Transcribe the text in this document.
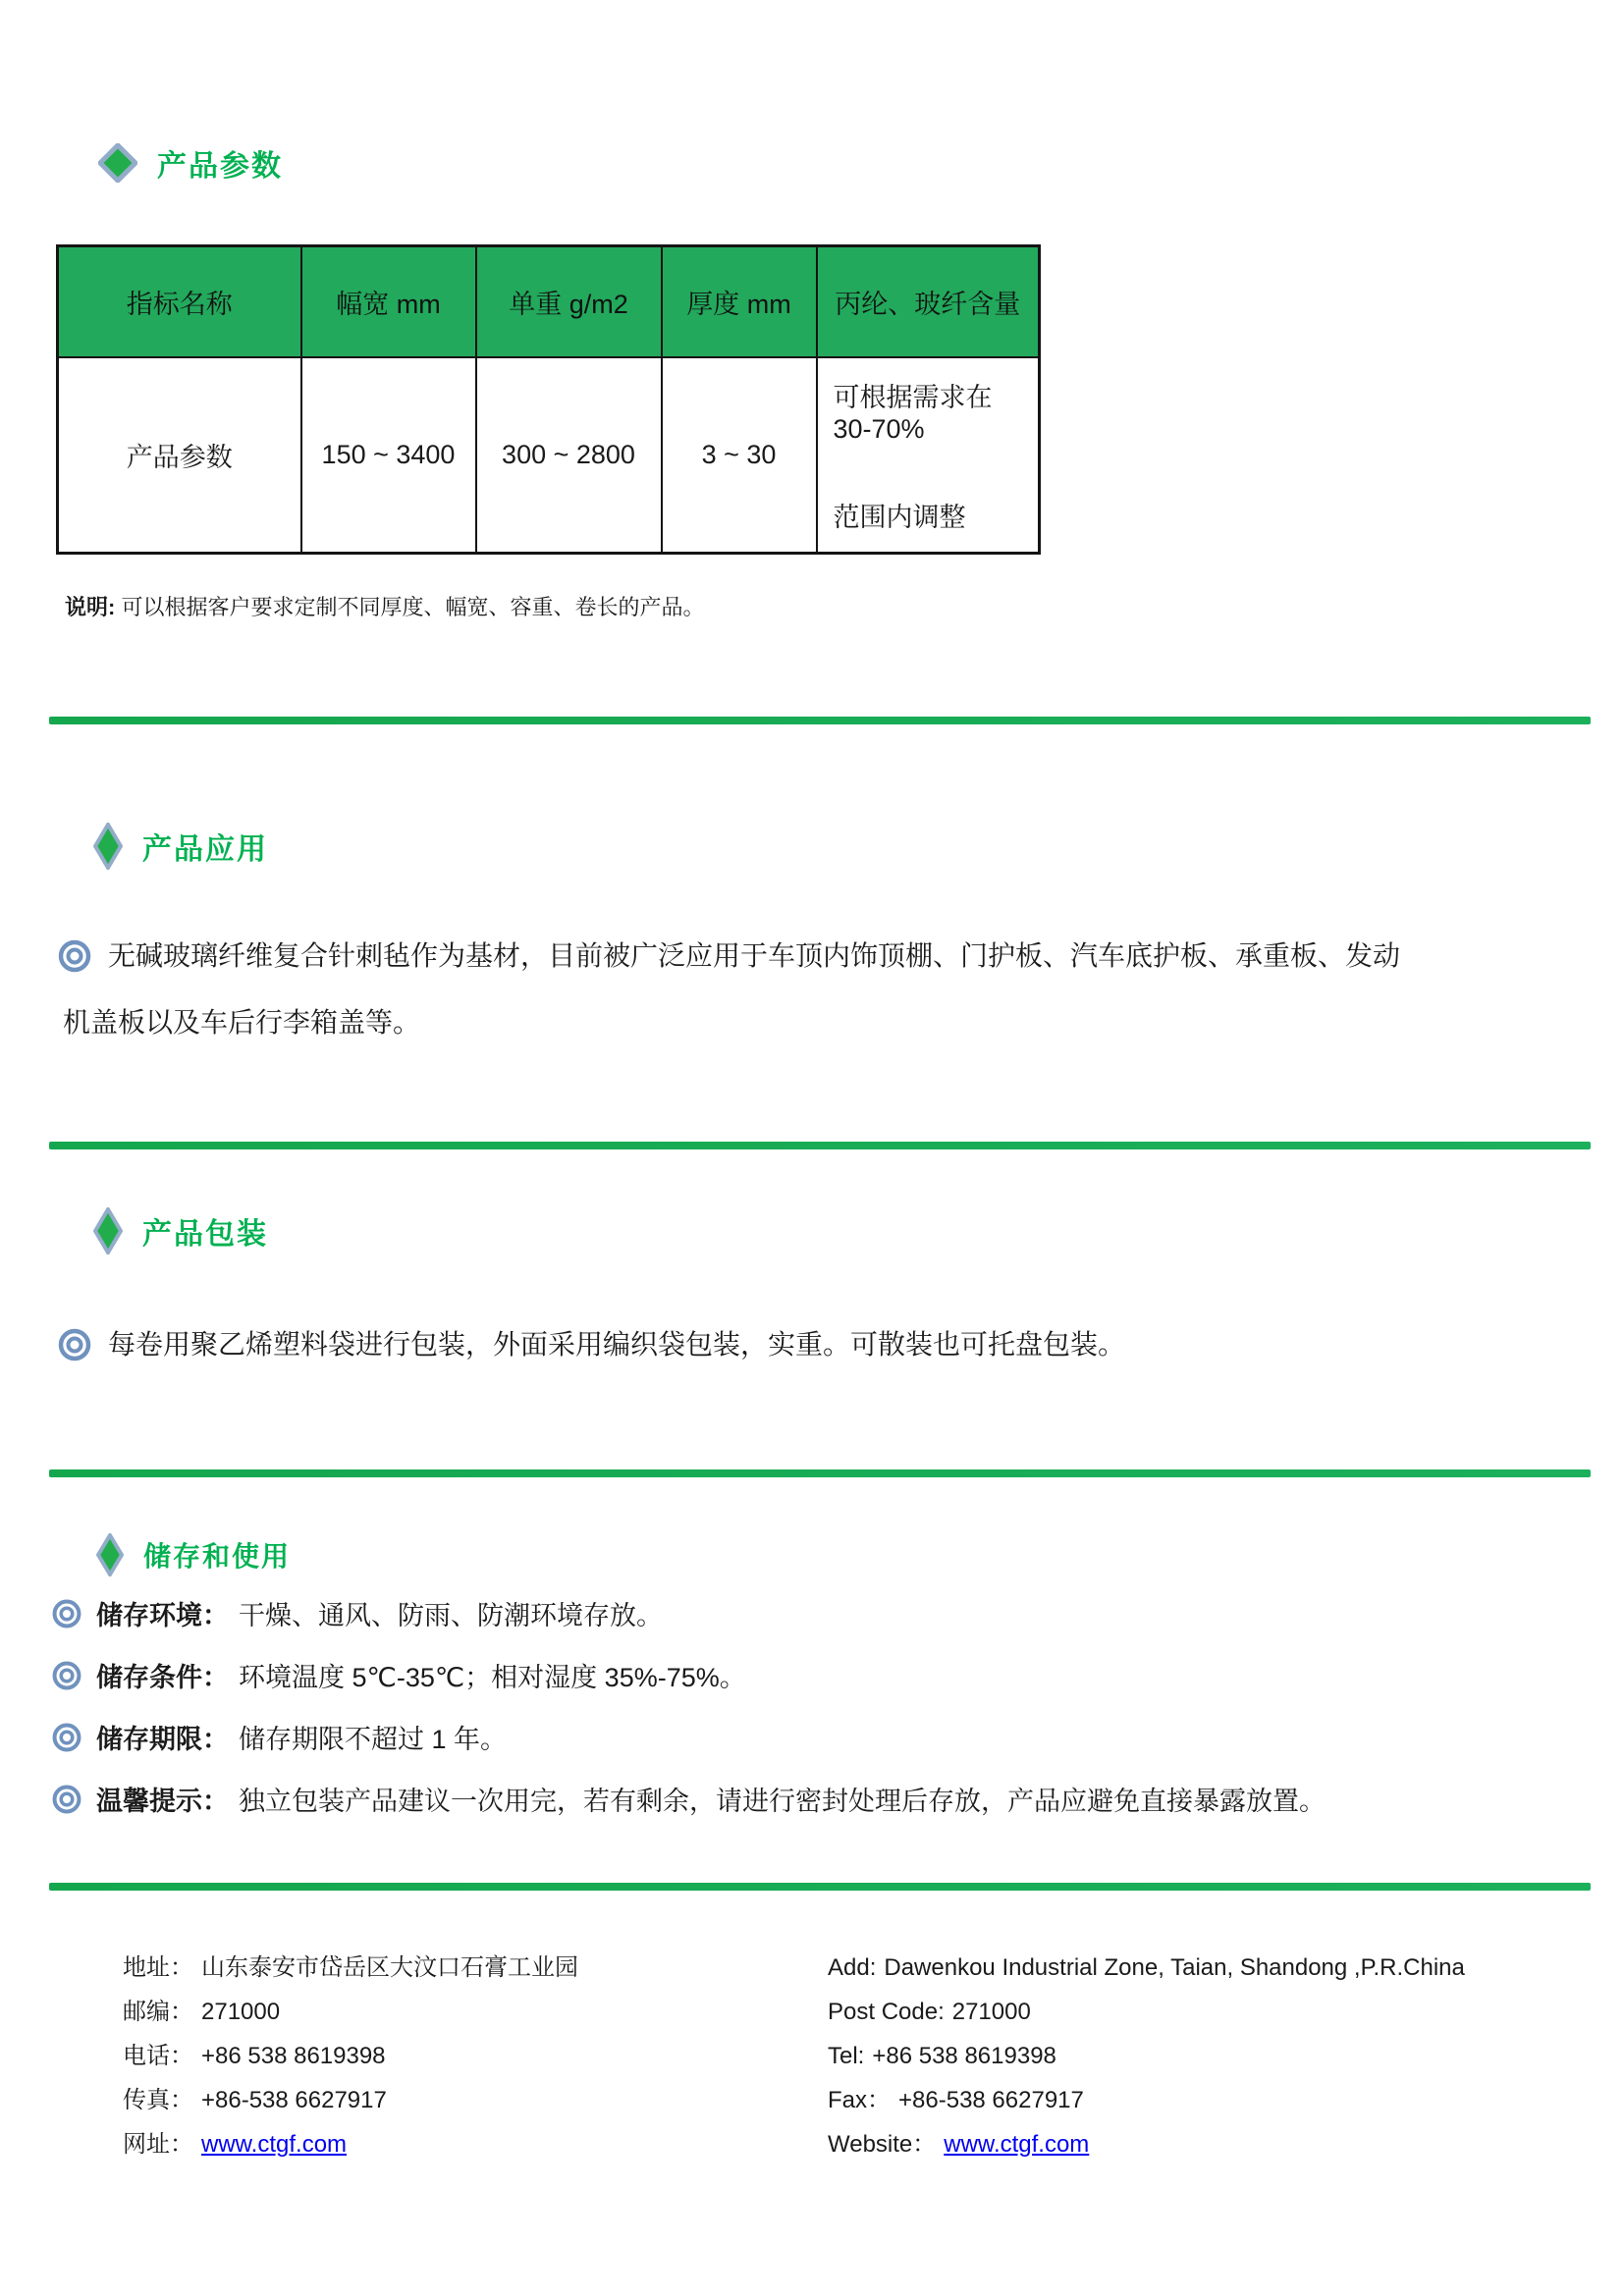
产品参数
指标名称	幅宽 mm	单重 g/m2	厚度 mm	丙纶、玻纤含量
产品参数	150 ~ 3400	300 ~ 2800	3 ~ 30	可根据需求在 30-70%
范围内调整
说明: 可以根据客户要求定制不同厚度、幅宽、容重、卷长的产品。
产品应用
无碱玻璃纤维复合针刺毡作为基材，目前被广泛应用于车顶内饰顶棚、门护板、汽车底护板、承重板、发动
机盖板以及车后行李箱盖等。
产品包装
每卷用聚乙烯塑料袋进行包装，外面采用编织袋包装，实重。可散装也可托盘包装。
储存和使用
储存环境： 干燥、通风、防雨、防潮环境存放。
储存条件： 环境温度 5℃-35℃；相对湿度 35%-75%。
储存期限： 储存期限不超过 1 年。
温馨提示： 独立包装产品建议一次用完，若有剩余，请进行密封处理后存放，产品应避免直接暴露放置。
地址： 山东泰安市岱岳区大汶口石膏工业园
邮编： 271000
电话： +86 538 8619398
传真： +86-538 6627917
网址： www.ctgf.com
Add: Dawenkou Industrial Zone, Taian, Shandong ,P.R.China
Post Code: 271000
Tel: +86 538 8619398
Fax： +86-538 6627917
Website： www.ctgf.com
